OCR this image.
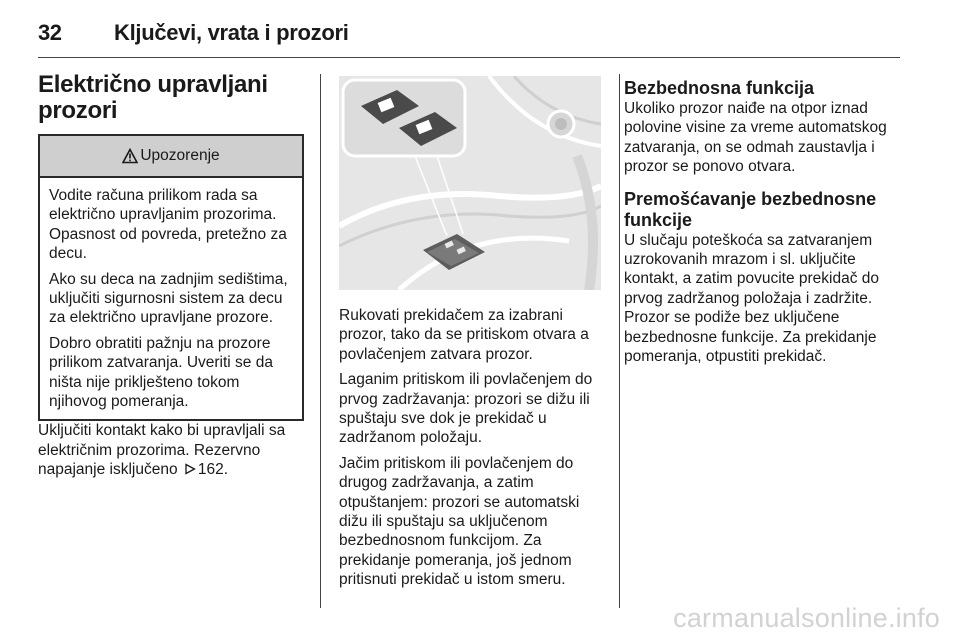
32 Ključevi, vrata i prozori
Električno upravljani
prozori
Upozorenje

Vodite računa prilikom rada sa električno upravljanim prozorima. Opasnost od povreda, pretežno za decu.

Ako su deca na zadnjim sedištima, uključiti sigurnosni sistem za decu za električno upravljane prozore.

Dobro obratiti pažnju na prozore prilikom zatvaranja. Uveriti se da ništa nije priklješteno tokom njihovog pomeranja.

Uključiti kontakt kako bi upravljali sa električnim prozorima. Rezervno napajanje isključeno 162.

Rukovati prekidačem za izabrani prozor, tako da se pritiskom otvara a povlačenjem zatvara prozor.

Laganim pritiskom ili povlačenjem do prvog zadržavanja: prozori se dižu ili spuštaju sve dok je prekidač u zadržanom položaju.

Jačim pritiskom ili povlačenjem do drugog zadržavanja, a zatim otpuštanjem: prozori se automatski dižu ili spuštaju sa uključenom bezbednosnom funkcijom. Za prekidanje pomeranja, još jednom pritisnuti prekidač u istom smeru.

Bezbednosna funkcija

Ukoliko prozor naiđe na otpor iznad polovine visine za vreme automatskog zatvaranja, on se odmah zaustavlja i prozor se ponovo otvara.

Premošćavanje bezbednosne
funkcije

U slučaju poteškoća sa zatvaranjem uzrokovanih mrazom i sl. uključite kontakt, a zatim povucite prekidač do prvog zadržanog položaja i zadržite. Prozor se podiže bez uključene bezbednosne funkcije. Za prekidanje pomeranja, otpustiti prekidač.

carmanualsonline.info
